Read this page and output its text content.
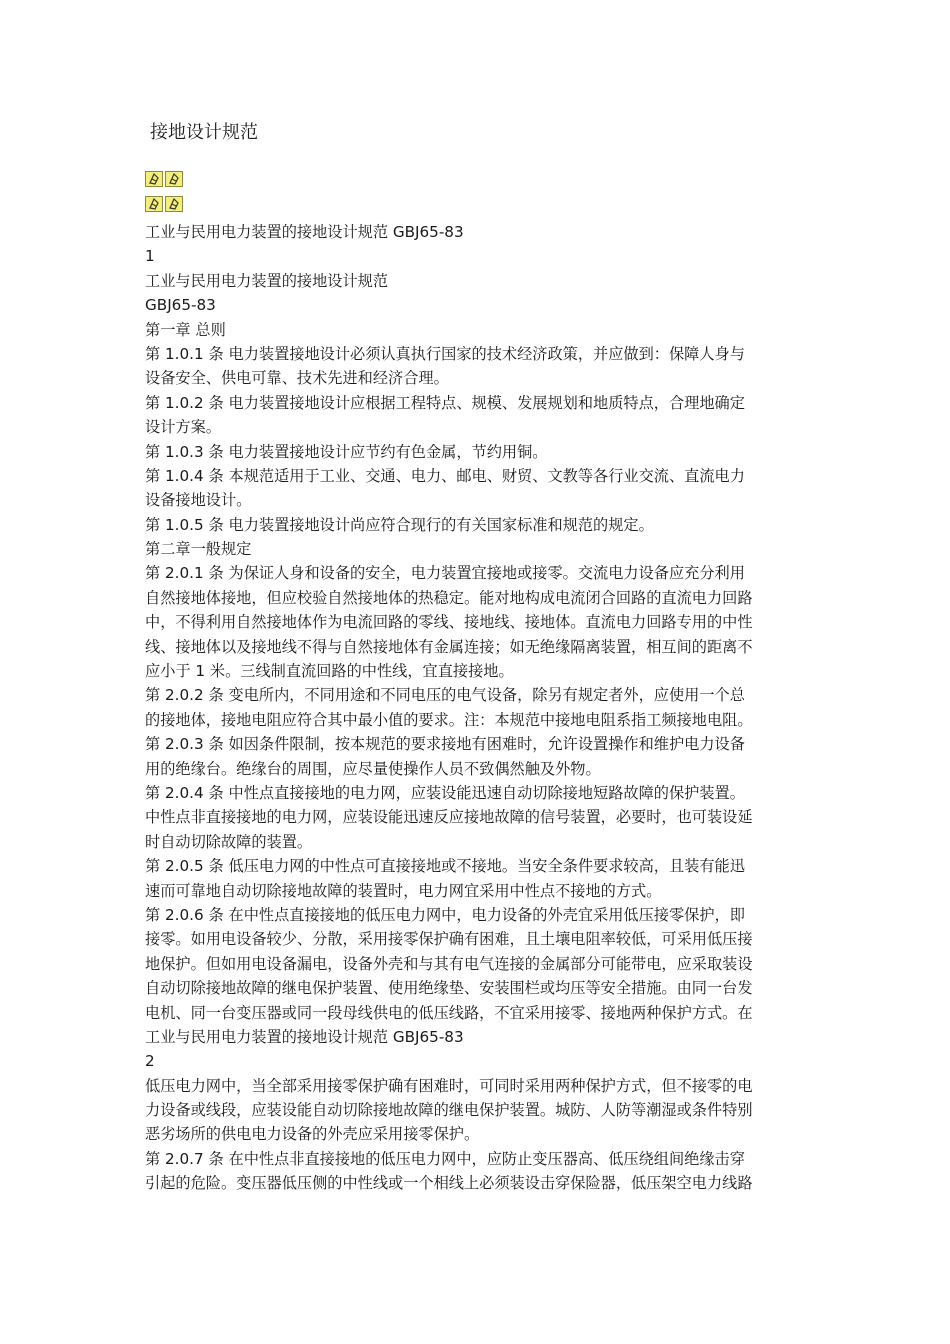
接地设计规范
工业与民用电力装置的接地设计规范 GBJ65-83
1
工业与民用电力装置的接地设计规范
GBJ65-83
第一章 总则
第 1.0.1 条 电力装置接地设计必须认真执行国家的技术经济政策，并应做到：保障人身与
设备安全、供电可靠、技术先进和经济合理。
第 1.0.2 条 电力装置接地设计应根据工程特点、规模、发展规划和地质特点，合理地确定
设计方案。
第 1.0.3 条 电力装置接地设计应节约有色金属，节约用铜。
第 1.0.4 条 本规范适用于工业、交通、电力、邮电、财贸、文教等各行业交流、直流电力
设备接地设计。
第 1.0.5 条 电力装置接地设计尚应符合现行的有关国家标准和规范的规定。
第二章一般规定
第 2.0.1 条 为保证人身和设备的安全，电力装置宜接地或接零。交流电力设备应充分利用
自然接地体接地，但应校验自然接地体的热稳定。能对地构成电流闭合回路的直流电力回路
中，不得利用自然接地体作为电流回路的零线、接地线、接地体。直流电力回路专用的中性
线、接地体以及接地线不得与自然接地体有金属连接；如无绝缘隔离装置，相互间的距离不
应小于 1 米。三线制直流回路的中性线，宜直接接地。
第 2.0.2 条 变电所内，不同用途和不同电压的电气设备，除另有规定者外，应使用一个总
的接地体，接地电阻应符合其中最小值的要求。注：本规范中接地电阻系指工频接地电阻。
第 2.0.3 条 如因条件限制，按本规范的要求接地有困难时，允许设置操作和维护电力设备
用的绝缘台。绝缘台的周围，应尽量使操作人员不致偶然触及外物。
第 2.0.4 条 中性点直接接地的电力网，应装设能迅速自动切除接地短路故障的保护装置。
中性点非直接接地的电力网，应装设能迅速反应接地故障的信号装置，必要时，也可装设延
时自动切除故障的装置。
第 2.0.5 条 低压电力网的中性点可直接接地或不接地。当安全条件要求较高，且装有能迅
速而可靠地自动切除接地故障的装置时，电力网宜采用中性点不接地的方式。
第 2.0.6 条 在中性点直接接地的低压电力网中，电力设备的外壳宜采用低压接零保护，即
接零。如用电设备较少、分散，采用接零保护确有困难，且土壤电阻率较低，可采用低压接
地保护。但如用电设备漏电，设备外壳和与其有电气连接的金属部分可能带电，应采取装设
自动切除接地故障的继电保护装置、使用绝缘垫、安装围栏或均压等安全措施。由同一台发
电机、同一台变压器或同一段母线供电的低压线路，不宜采用接零、接地两种保护方式。在
工业与民用电力装置的接地设计规范 GBJ65-83
2
低压电力网中，当全部采用接零保护确有困难时，可同时采用两种保护方式，但不接零的电
力设备或线段，应装设能自动切除接地故障的继电保护装置。城防、人防等潮湿或条件特别
恶劣场所的供电电力设备的外壳应采用接零保护。
第 2.0.7 条 在中性点非直接接地的低压电力网中，应防止变压器高、低压绕组间绝缘击穿
引起的危险。变压器低压侧的中性线或一个相线上必须装设击穿保险器，低压架空电力线路
